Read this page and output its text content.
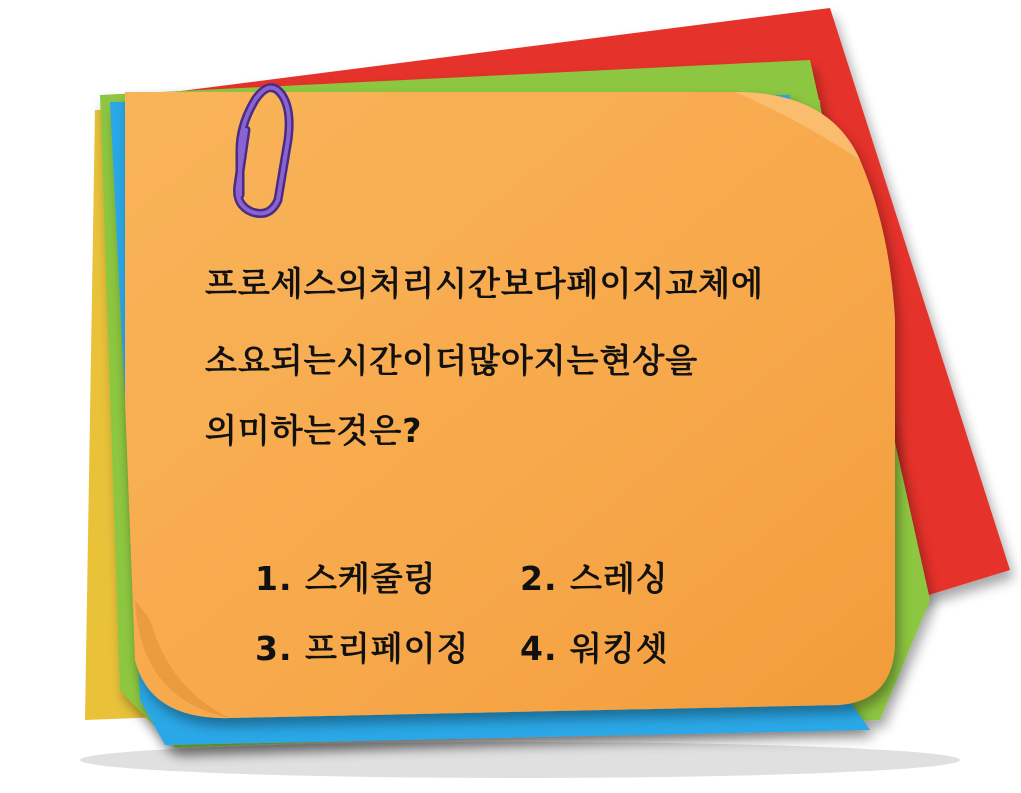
프로세스의처리시간보다페이지교체에
소요되는시간이더많아지는현상을
의미하는것은?
1. 스케줄링	2. 스레싱
3. 프리페이징 4. 워킹셋
